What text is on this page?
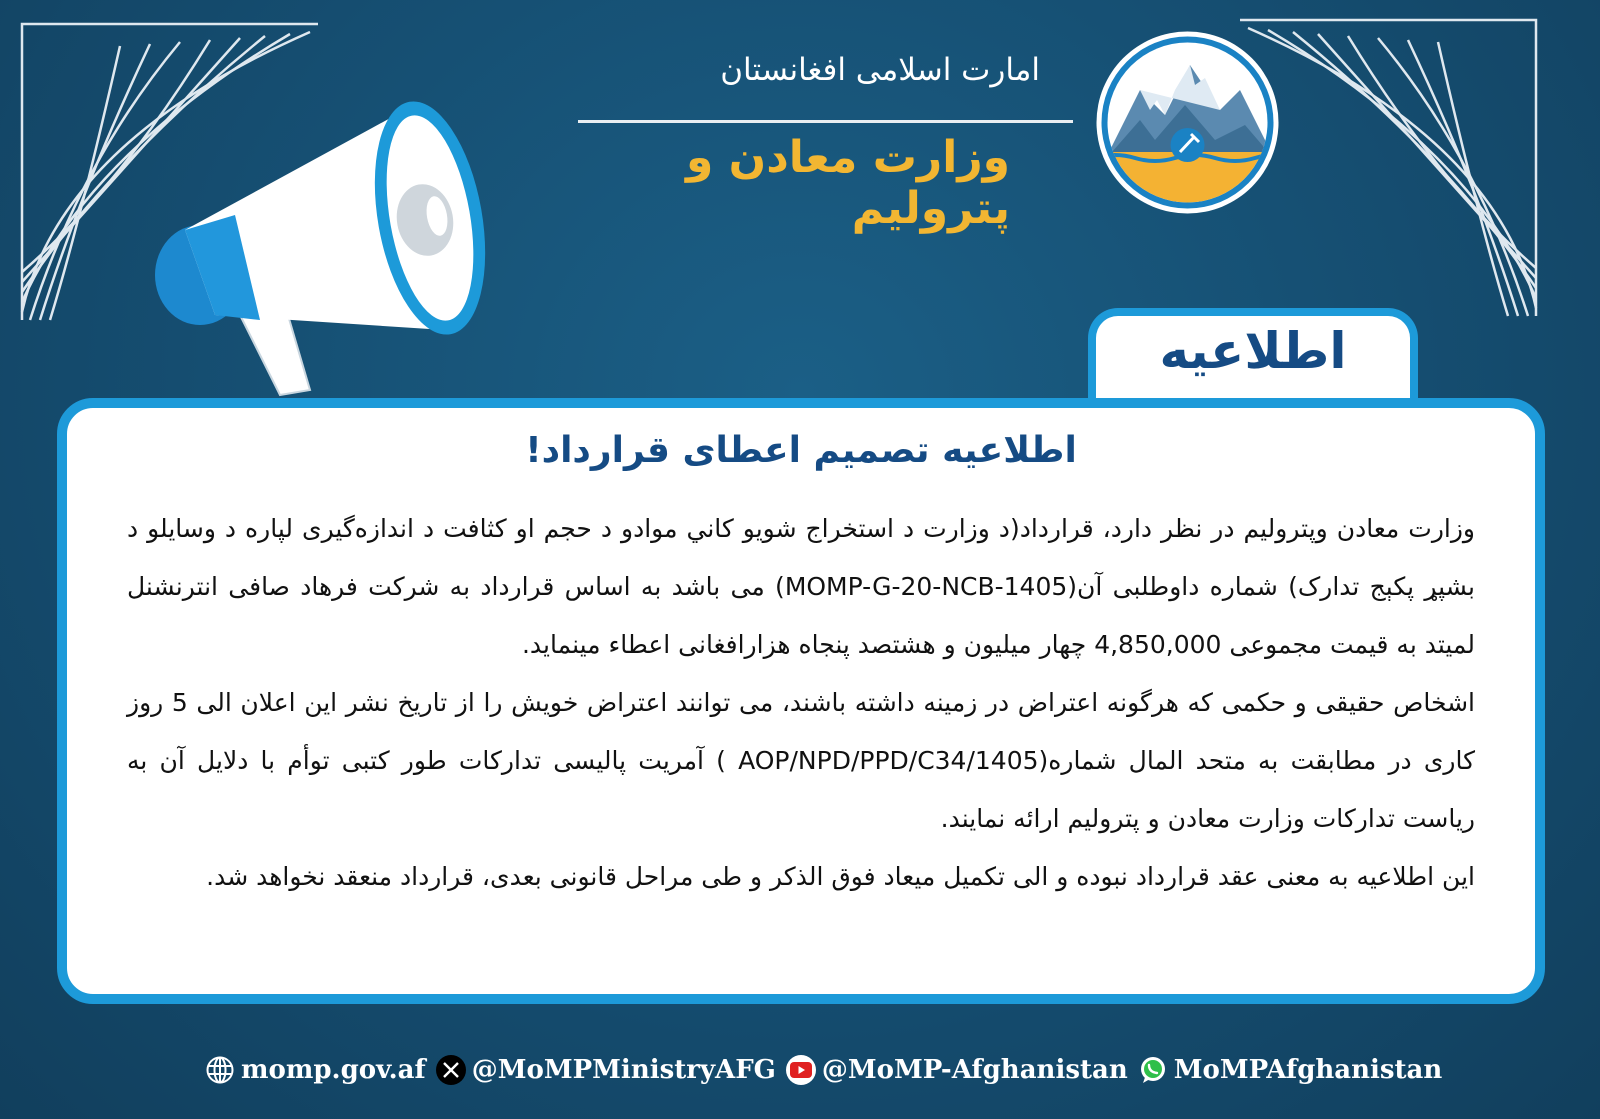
امارت اسلامی افغانستان
وزارت معادن و پترولیم
اطلاعیه
اطلاعیه تصمیم اعطای قرارداد!

وزارت معادن وپترولیم در نظر دارد، قرارداد(د وزارت د استخراج شویو کاني موادو د حجم او کثافت د اندازه‌گیری لپاره د وسایلو د بشپړ پکېج تدارک) شماره داوطلبی آن(MOMP-G-20-NCB-1405) می باشد به اساس قرارداد به شرکت فرهاد صافی انترنشنل لمیتد به قیمت مجموعی 4,850,000 چهار میلیون و هشتصد پنجاه هزارافغانی اعطاء مینماید.

اشخاص حقیقی و حکمی که هرگونه اعتراض در زمینه داشته باشند، می توانند اعتراض خویش را از تاریخ نشر این اعلان الی 5 روز کاری در مطابقت به متحد المال شماره(AOP/NPD/PPD/C34/1405 ) آمریت پالیسی تدارکات طور کتبی توأم با دلایل آن به ریاست تدارکات وزارت معادن و پترولیم ارائه نمایند.

این اطلاعیه به معنی عقد قرارداد نبوده و الی تکمیل میعاد فوق الذکر و طی مراحل قانونی بعدی، قرارداد منعقد نخواهد شد.

momp.gov.af @MoMPMinistryAFG @MoMP-Afghanistan MoMPAfghanistan
